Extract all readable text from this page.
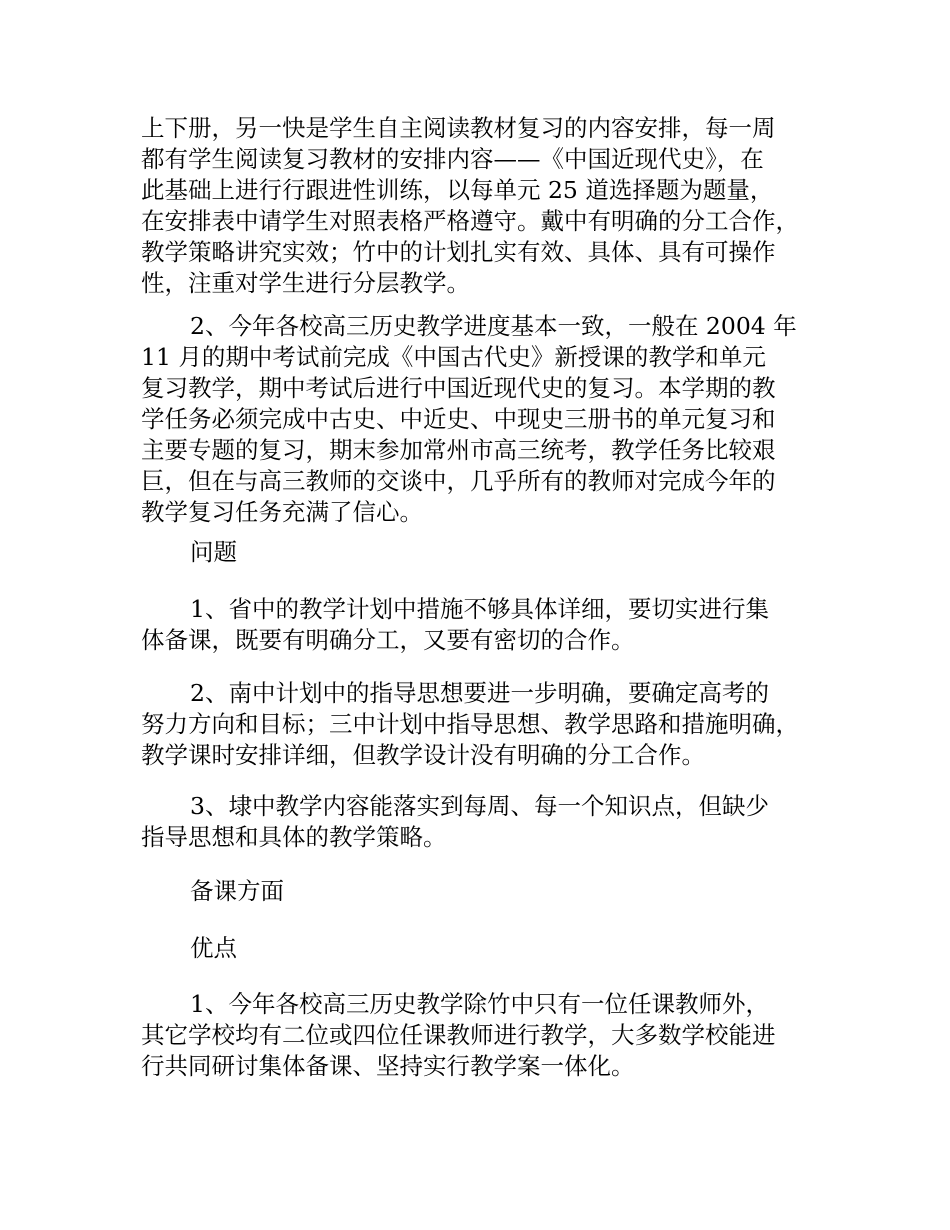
上下册，另一快是学生自主阅读教材复习的内容安排，每一周
都有学生阅读复习教材的安排内容——《中国近现代史》，在
此基础上进行行跟进性训练，以每单元 25 道选择题为题量，
在安排表中请学生对照表格严格遵守。戴中有明确的分工合作，
教学策略讲究实效；竹中的计划扎实有效、具体、具有可操作
性，注重对学生进行分层教学。
2、今年各校高三历史教学进度基本一致，一般在 2004 年
11 月的期中考试前完成《中国古代史》新授课的教学和单元
复习教学，期中考试后进行中国近现代史的复习。本学期的教
学任务必须完成中古史、中近史、中现史三册书的单元复习和
主要专题的复习，期末参加常州市高三统考，教学任务比较艰
巨，但在与高三教师的交谈中，几乎所有的教师对完成今年的
教学复习任务充满了信心。
问题
1、省中的教学计划中措施不够具体详细，要切实进行集
体备课，既要有明确分工，又要有密切的合作。
2、南中计划中的指导思想要进一步明确，要确定高考的
努力方向和目标；三中计划中指导思想、教学思路和措施明确，
教学课时安排详细，但教学设计没有明确的分工合作。
3、埭中教学内容能落实到每周、每一个知识点，但缺少
指导思想和具体的教学策略。
备课方面
优点
1、今年各校高三历史教学除竹中只有一位任课教师外，
其它学校均有二位或四位任课教师进行教学，大多数学校能进
行共同研讨集体备课、坚持实行教学案一体化。
